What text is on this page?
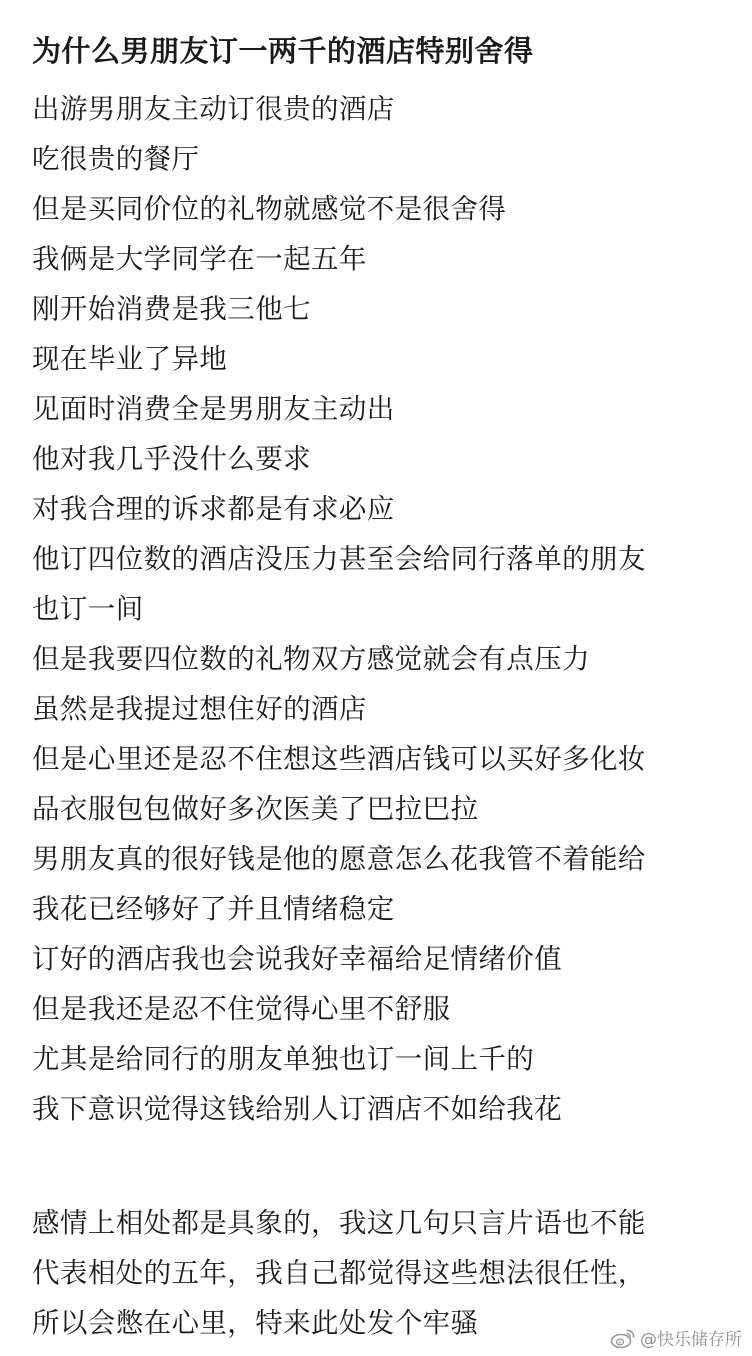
为什么男朋友订一两千的酒店特别舍得
出游男朋友主动订很贵的酒店
吃很贵的餐厅
但是买同价位的礼物就感觉不是很舍得
我俩是大学同学在一起五年
刚开始消费是我三他七
现在毕业了异地
见面时消费全是男朋友主动出
他对我几乎没什么要求
对我合理的诉求都是有求必应
他订四位数的酒店没压力甚至会给同行落单的朋友
也订一间
但是我要四位数的礼物双方感觉就会有点压力
虽然是我提过想住好的酒店
但是心里还是忍不住想这些酒店钱可以买好多化妆
品衣服包包做好多次医美了巴拉巴拉
男朋友真的很好钱是他的愿意怎么花我管不着能给
我花已经够好了并且情绪稳定
订好的酒店我也会说我好幸福给足情绪价值
但是我还是忍不住觉得心里不舒服
尤其是给同行的朋友单独也订一间上千的
我下意识觉得这钱给别人订酒店不如给我花
感情上相处都是具象的，我这几句只言片语也不能
代表相处的五年，我自己都觉得这些想法很任性，
所以会憋在心里，特来此处发个牢骚
@快乐储存所
